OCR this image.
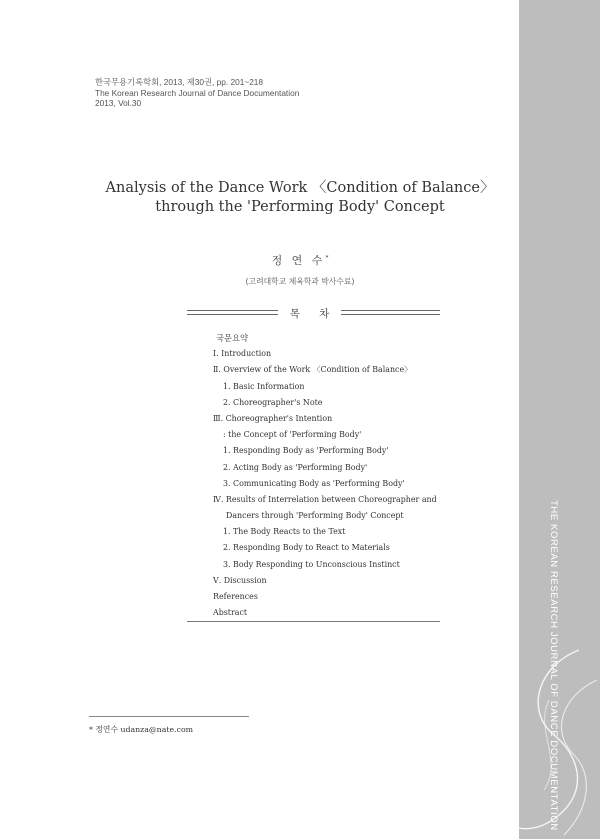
THE KOREAN RESEARCH JOURNAL OF DANCE DOCUMENTATION
한국무용기록학회, 2013, 제30권, pp. 201~218
The Korean Research Journal of Dance Documentation
2013, Vol.30
Analysis of the Dance Work 〈Condition of Balance〉
through the 'Performing Body' Concept
정 연 수*
(고려대학교 체육학과 박사수료)
목 차
국문요약
Ⅰ. Introduction
Ⅱ. Overview of the Work 〈Condition of Balance〉
1. Basic Information
2. Choreographer's Note
Ⅲ. Choreographer's Intention
: the Concept of 'Performing Body'
1. Responding Body as 'Performing Body'
2. Acting Body as 'Performing Body'
3. Communicating Body as 'Performing Body'
Ⅳ. Results of Interrelation between Choreographer and
Dancers through 'Performing Body' Concept
1. The Body Reacts to the Text
2. Responding Body to React to Materials
3. Body Responding to Unconscious Instinct
Ⅴ. Discussion
References
Abstract
* 정연수 udanza@nate.com
